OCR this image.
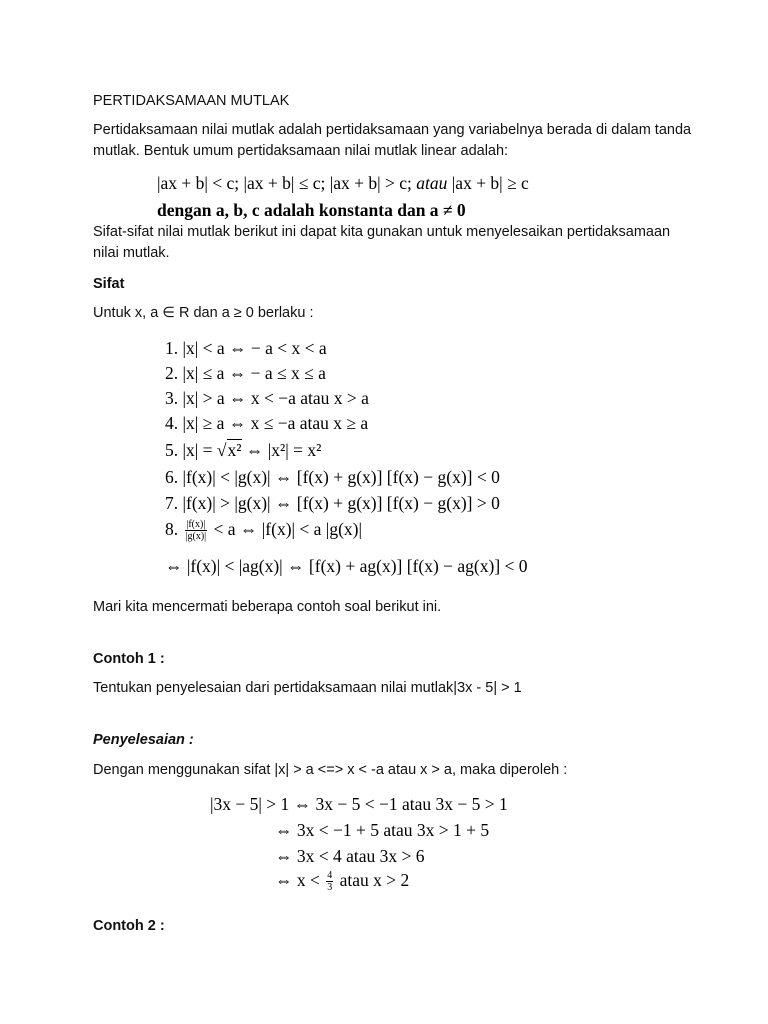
PERTIDAKSAMAAN MUTLAK

Pertidaksamaan nilai mutlak adalah pertidaksamaan yang variabelnya berada di dalam tanda mutlak. Bentuk umum pertidaksamaan nilai mutlak linear adalah:

|ax + b| < c; |ax + b| ≤ c; |ax + b| > c; atau |ax + b| ≥ c
dengan a, b, c adalah konstanta dan a ≠ 0

Sifat-sifat nilai mutlak berikut ini dapat kita gunakan untuk menyelesaikan pertidaksamaan nilai mutlak.

Sifat

Untuk x, a ∈ R dan a ≥ 0 berlaku :

1. |x| < a ⇔ − a < x < a
2. |x| ≤ a ⇔ − a ≤ x ≤ a
3. |x| > a ⇔ x < −a atau x > a
4. |x| ≥ a ⇔ x ≤ −a atau x ≥ a
5. |x| = √x² ⇔ |x²| = x²
6. |f(x)| < |g(x)| ⇔ [f(x) + g(x)] [f(x) − g(x)] < 0
7. |f(x)| > |g(x)| ⇔ [f(x) + g(x)] [f(x) − g(x)] > 0
8. $\frac{|f(x)|}{|g(x)|} < a$ ⇔ |f(x)| < a |g(x)|
⇔ |f(x)| < |ag(x)| ⇔ [f(x) + ag(x)] [f(x) − ag(x)] < 0

Mari kita mencermati beberapa contoh soal berikut ini.

Contoh 1 :

Tentukan penyelesaian dari pertidaksamaan nilai mutlak|3x - 5| > 1

Penyelesaian :

Dengan menggunakan sifat |x| > a <=> x < -a atau x > a, maka diperoleh :

|3x − 5| > 1 ⇔ 3x − 5 < −1 atau 3x − 5 > 1
⇔ 3x < −1 + 5 atau 3x > 1 + 5
⇔ 3x < 4 atau 3x > 6
⇔ $x < \frac{4}{3}$ atau x > 2

Contoh 2 :
